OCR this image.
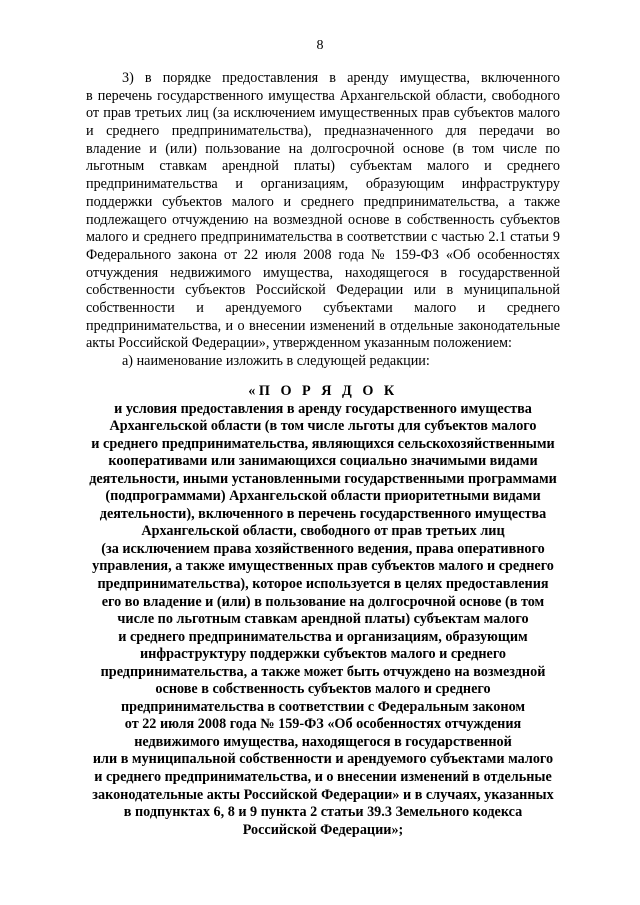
8
3) в порядке предоставления в аренду имущества, включенного
в перечень государственного имущества Архангельской области, свободного
от прав третьих лиц (за исключением имущественных прав субъектов малого
и среднего предпринимательства), предназначенного для передачи во
владение и (или) пользование на долгосрочной основе (в том числе по
льготным ставкам арендной платы) субъектам малого и среднего
предпринимательства и организациям, образующим инфраструктуру
поддержки субъектов малого и среднего предпринимательства, а также
подлежащего отчуждению на возмездной основе в собственность субъектов
малого и среднего предпринимательства в соответствии с частью 2.1 статьи 9
Федерального закона от 22 июля 2008 года № 159-ФЗ «Об особенностях
отчуждения недвижимого имущества, находящегося в государственной
собственности субъектов Российской Федерации или в муниципальной
собственности и арендуемого субъектами малого и среднего
предпринимательства, и о внесении изменений в отдельные законодательные
акты Российской Федерации», утвержденном указанным положением:
а) наименование изложить в следующей редакции:
«П О Р Я Д О К
и условия предоставления в аренду государственного имущества
Архангельской области (в том числе льготы для субъектов малого
и среднего предпринимательства, являющихся сельскохозяйственными
кооперативами или занимающихся социально значимыми видами
деятельности, иными установленными государственными программами
(подпрограммами) Архангельской области приоритетными видами
деятельности), включенного в перечень государственного имущества
Архангельской области, свободного от прав третьих лиц
(за исключением права хозяйственного ведения, права оперативного
управления, а также имущественных прав субъектов малого и среднего
предпринимательства), которое используется в целях предоставления
его во владение и (или) в пользование на долгосрочной основе (в том
числе по льготным ставкам арендной платы) субъектам малого
и среднего предпринимательства и организациям, образующим
инфраструктуру поддержки субъектов малого и среднего
предпринимательства, а также может быть отчуждено на возмездной
основе в собственность субъектов малого и среднего
предпринимательства в соответствии с Федеральным законом
от 22 июля 2008 года № 159-ФЗ «Об особенностях отчуждения
недвижимого имущества, находящегося в государственной
или в муниципальной собственности и арендуемого субъектами малого
и среднего предпринимательства, и о внесении изменений в отдельные
законодательные акты Российской Федерации» и в случаях, указанных
в подпунктах 6, 8 и 9 пункта 2 статьи 39.3 Земельного кодекса
Российской Федерации»;
